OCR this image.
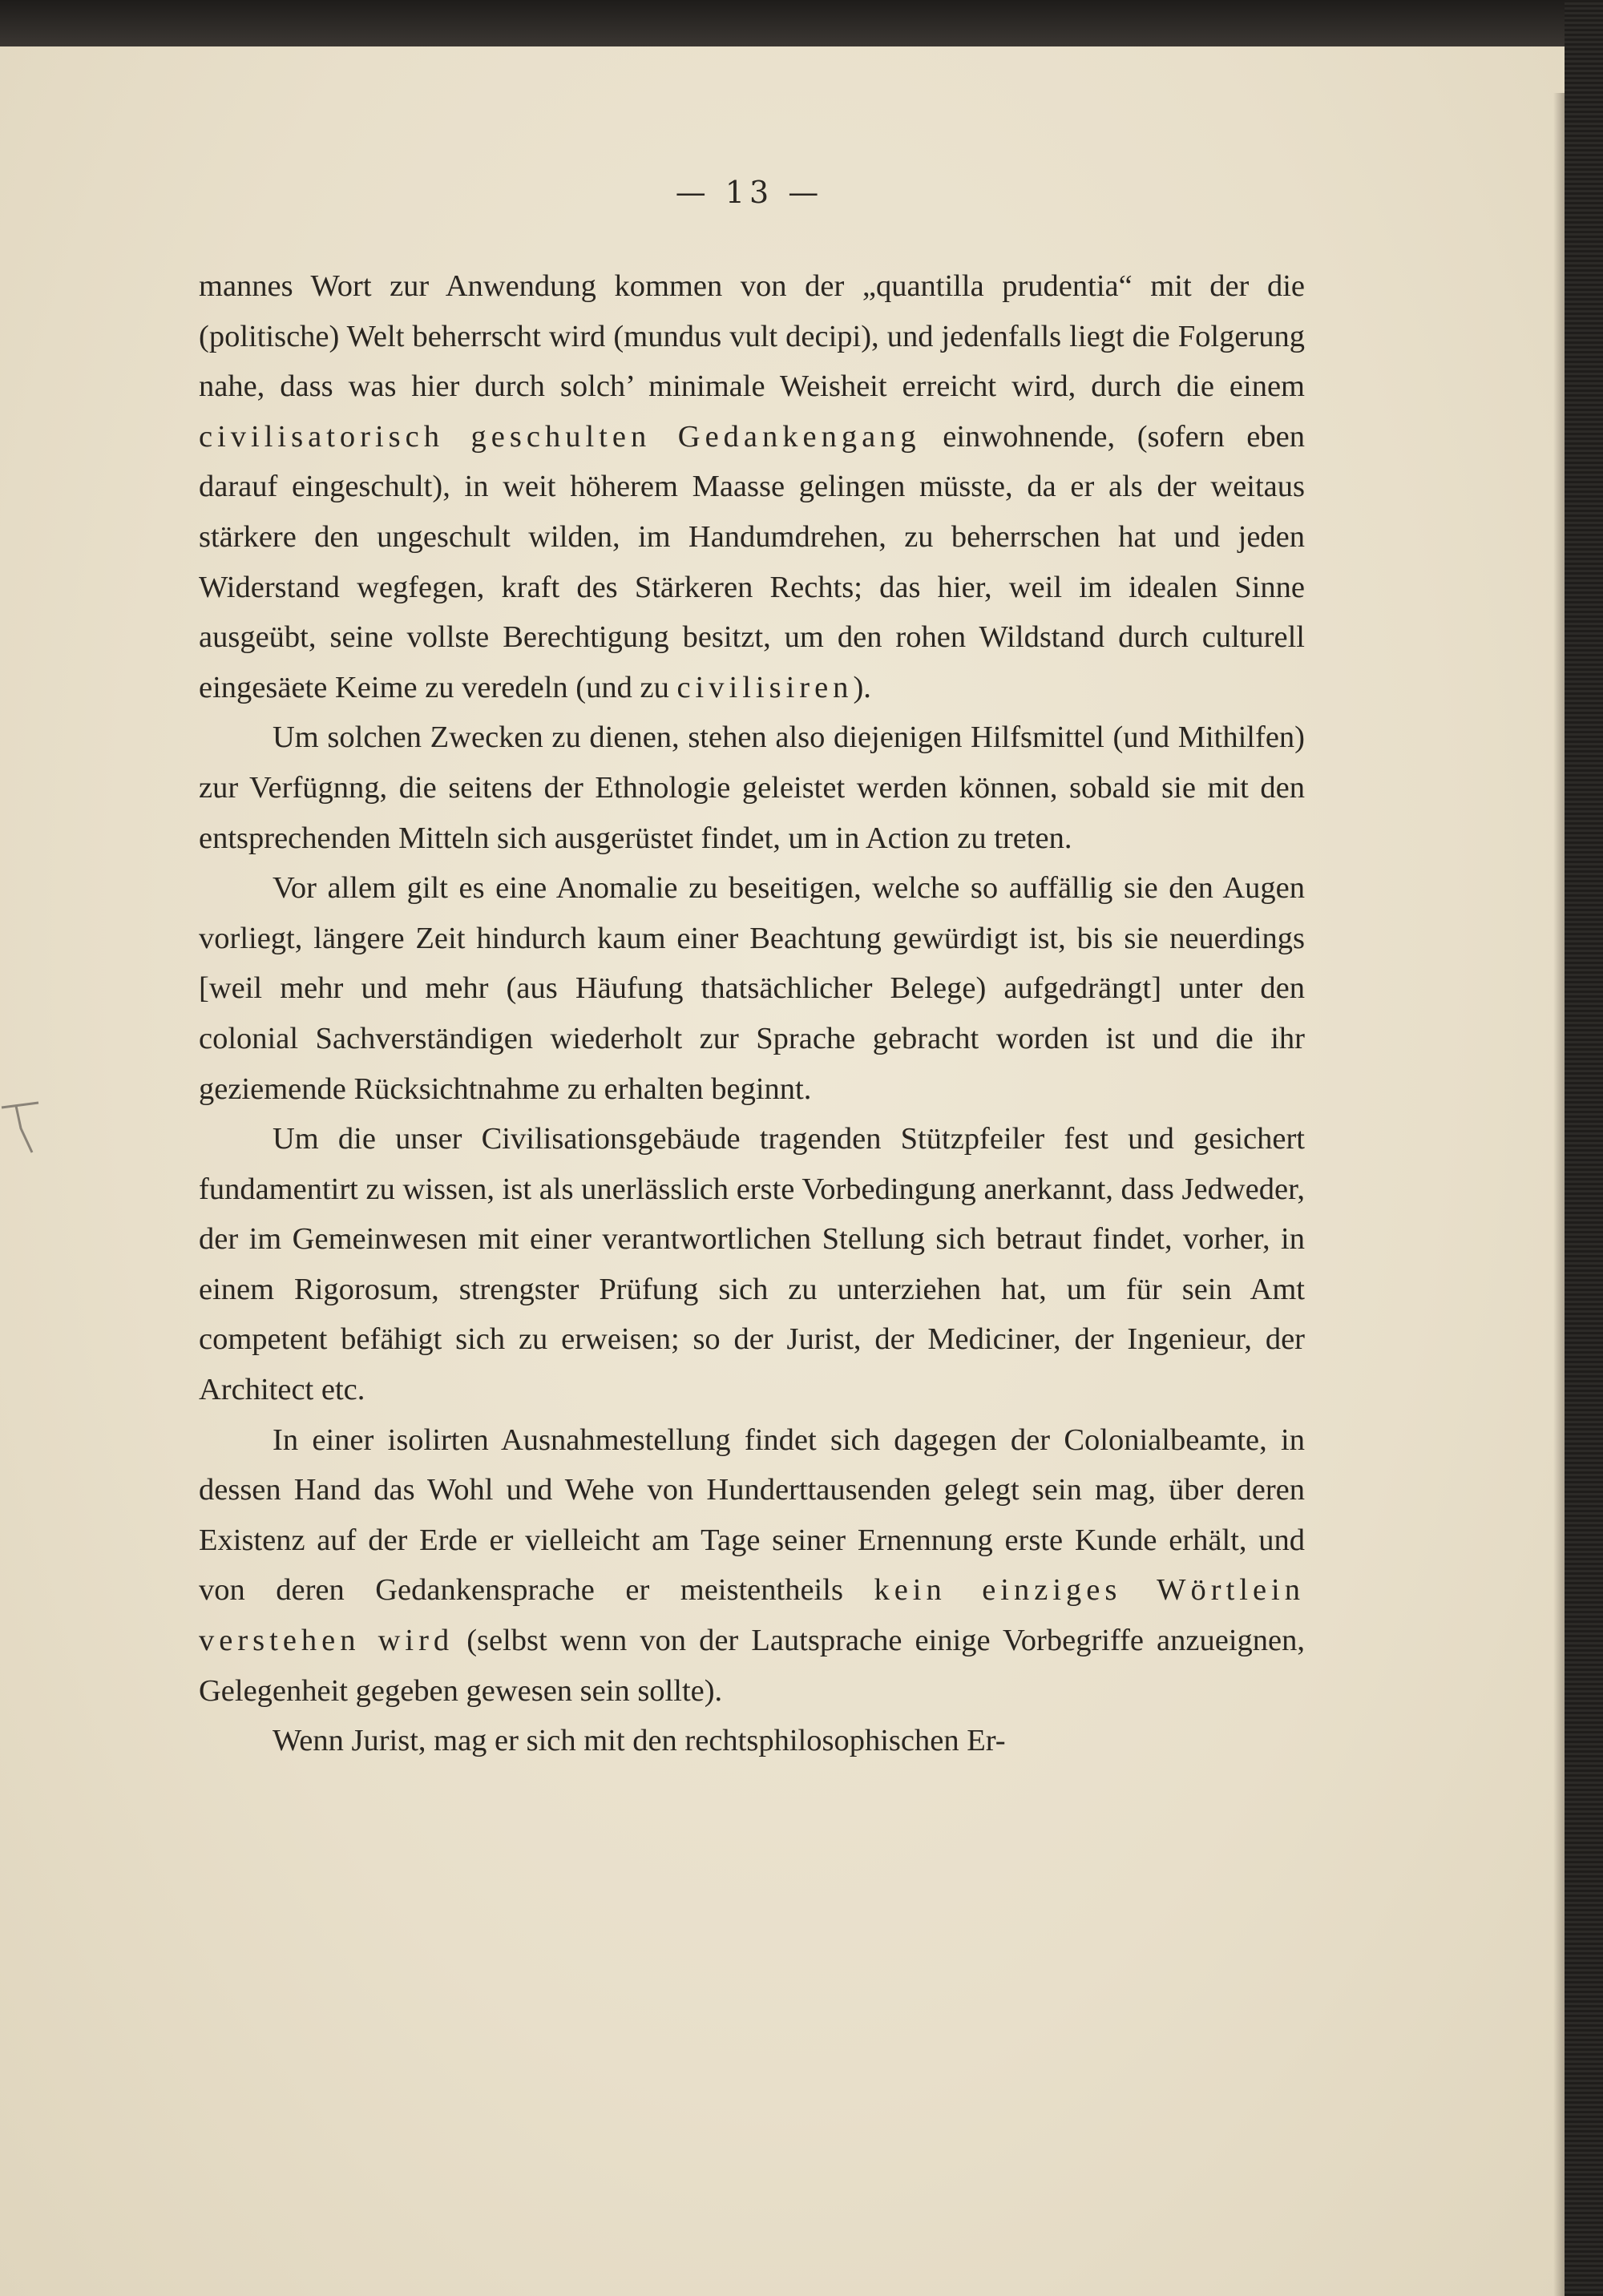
— 13 —

mannes Wort zur Anwendung kommen von der „quantilla prudentia“ mit der die (politische) Welt beherrscht wird (mundus vult decipi), und jedenfalls liegt die Folgerung nahe, dass was hier durch solch’ minimale Weisheit erreicht wird, durch die einem civilisatorisch geschulten Gedankengang einwohnende, (sofern eben darauf eingeschult), in weit höherem Maasse gelingen müsste, da er als der weitaus stärkere den ungeschult wilden, im Handumdrehen, zu beherrschen hat und jeden Widerstand wegfegen, kraft des Stärkeren Rechts; das hier, weil im idealen Sinne ausgeübt, seine vollste Berechtigung besitzt, um den rohen Wildstand durch culturell eingesäete Keime zu veredeln (und zu civilisiren).

Um solchen Zwecken zu dienen, stehen also diejenigen Hilfsmittel (und Mithilfen) zur Verfügnng, die seitens der Ethnologie geleistet werden können, sobald sie mit den entsprechenden Mitteln sich ausgerüstet findet, um in Action zu treten.

Vor allem gilt es eine Anomalie zu beseitigen, welche so auffällig sie den Augen vorliegt, längere Zeit hindurch kaum einer Beachtung gewürdigt ist, bis sie neuerdings [weil mehr und mehr (aus Häufung thatsächlicher Belege) aufgedrängt] unter den colonial Sachverständigen wiederholt zur Sprache gebracht worden ist und die ihr geziemende Rücksichtnahme zu erhalten beginnt.

Um die unser Civilisationsgebäude tragenden Stützpfeiler fest und gesichert fundamentirt zu wissen, ist als unerlässlich erste Vorbedingung anerkannt, dass Jedweder, der im Gemeinwesen mit einer verantwortlichen Stellung sich betraut findet, vorher, in einem Rigorosum, strengster Prüfung sich zu unterziehen hat, um für sein Amt competent befähigt sich zu erweisen; so der Jurist, der Mediciner, der Ingenieur, der Architect etc.

In einer isolirten Ausnahmestellung findet sich dagegen der Colonialbeamte, in dessen Hand das Wohl und Wehe von Hunderttausenden gelegt sein mag, über deren Existenz auf der Erde er vielleicht am Tage seiner Ernennung erste Kunde erhält, und von deren Gedankensprache er meistentheils kein einziges Wörtlein verstehen wird (selbst wenn von der Lautsprache einige Vorbegriffe anzueignen, Gelegenheit gegeben gewesen sein sollte).

Wenn Jurist, mag er sich mit den rechtsphilosophischen Er-
